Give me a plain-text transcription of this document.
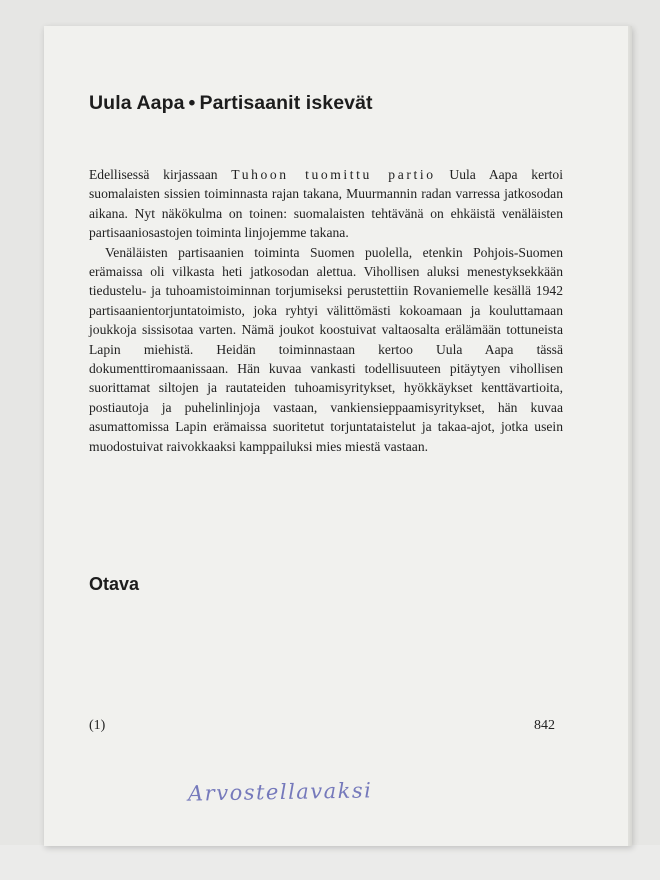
Uula Aapa • Partisaanit iskevät

Edellisessä kirjassaan Tuhoon tuomittu partio Uula Aapa kertoi suomalaisten sissien toiminnasta rajan takana, Muurmannin radan varressa jatkosodan aikana. Nyt näkökulma on toinen: suomalaisten tehtävänä on ehkäistä venäläisten partisaaniosastojen toiminta linjojemme takana.

Venäläisten partisaanien toiminta Suomen puolella, etenkin Pohjois-Suomen erämaissa oli vilkasta heti jatkosodan alettua. Vihollisen aluksi menestyksekkään tiedustelu- ja tuhoamistoiminnan torjumiseksi perustettiin Rovaniemelle kesällä 1942 partisaanientorjuntatoimisto, joka ryhtyi välittömästi kokoamaan ja kouluttamaan joukkoja sissisotaa varten. Nämä joukot koostuivat valtaosalta erälämään tottuneista Lapin miehistä. Heidän toiminnastaan kertoo Uula Aapa tässä dokumenttiromaanissaan. Hän kuvaa vankasti todellisuuteen pitäytyen vihollisen suorittamat siltojen ja rautateiden tuhoamisyritykset, hyökkäykset kenttävartioita, postiautoja ja puhelinlinjoja vastaan, vankiensieppaamisyritykset, hän kuvaa asumattomissa Lapin erämaissa suoritetut torjuntataistelut ja takaa-ajot, jotka usein muodostuivat raivokkaaksi kamppailuksi mies miestä vastaan.

Otava
(1)	842
Arvostellavaksi
